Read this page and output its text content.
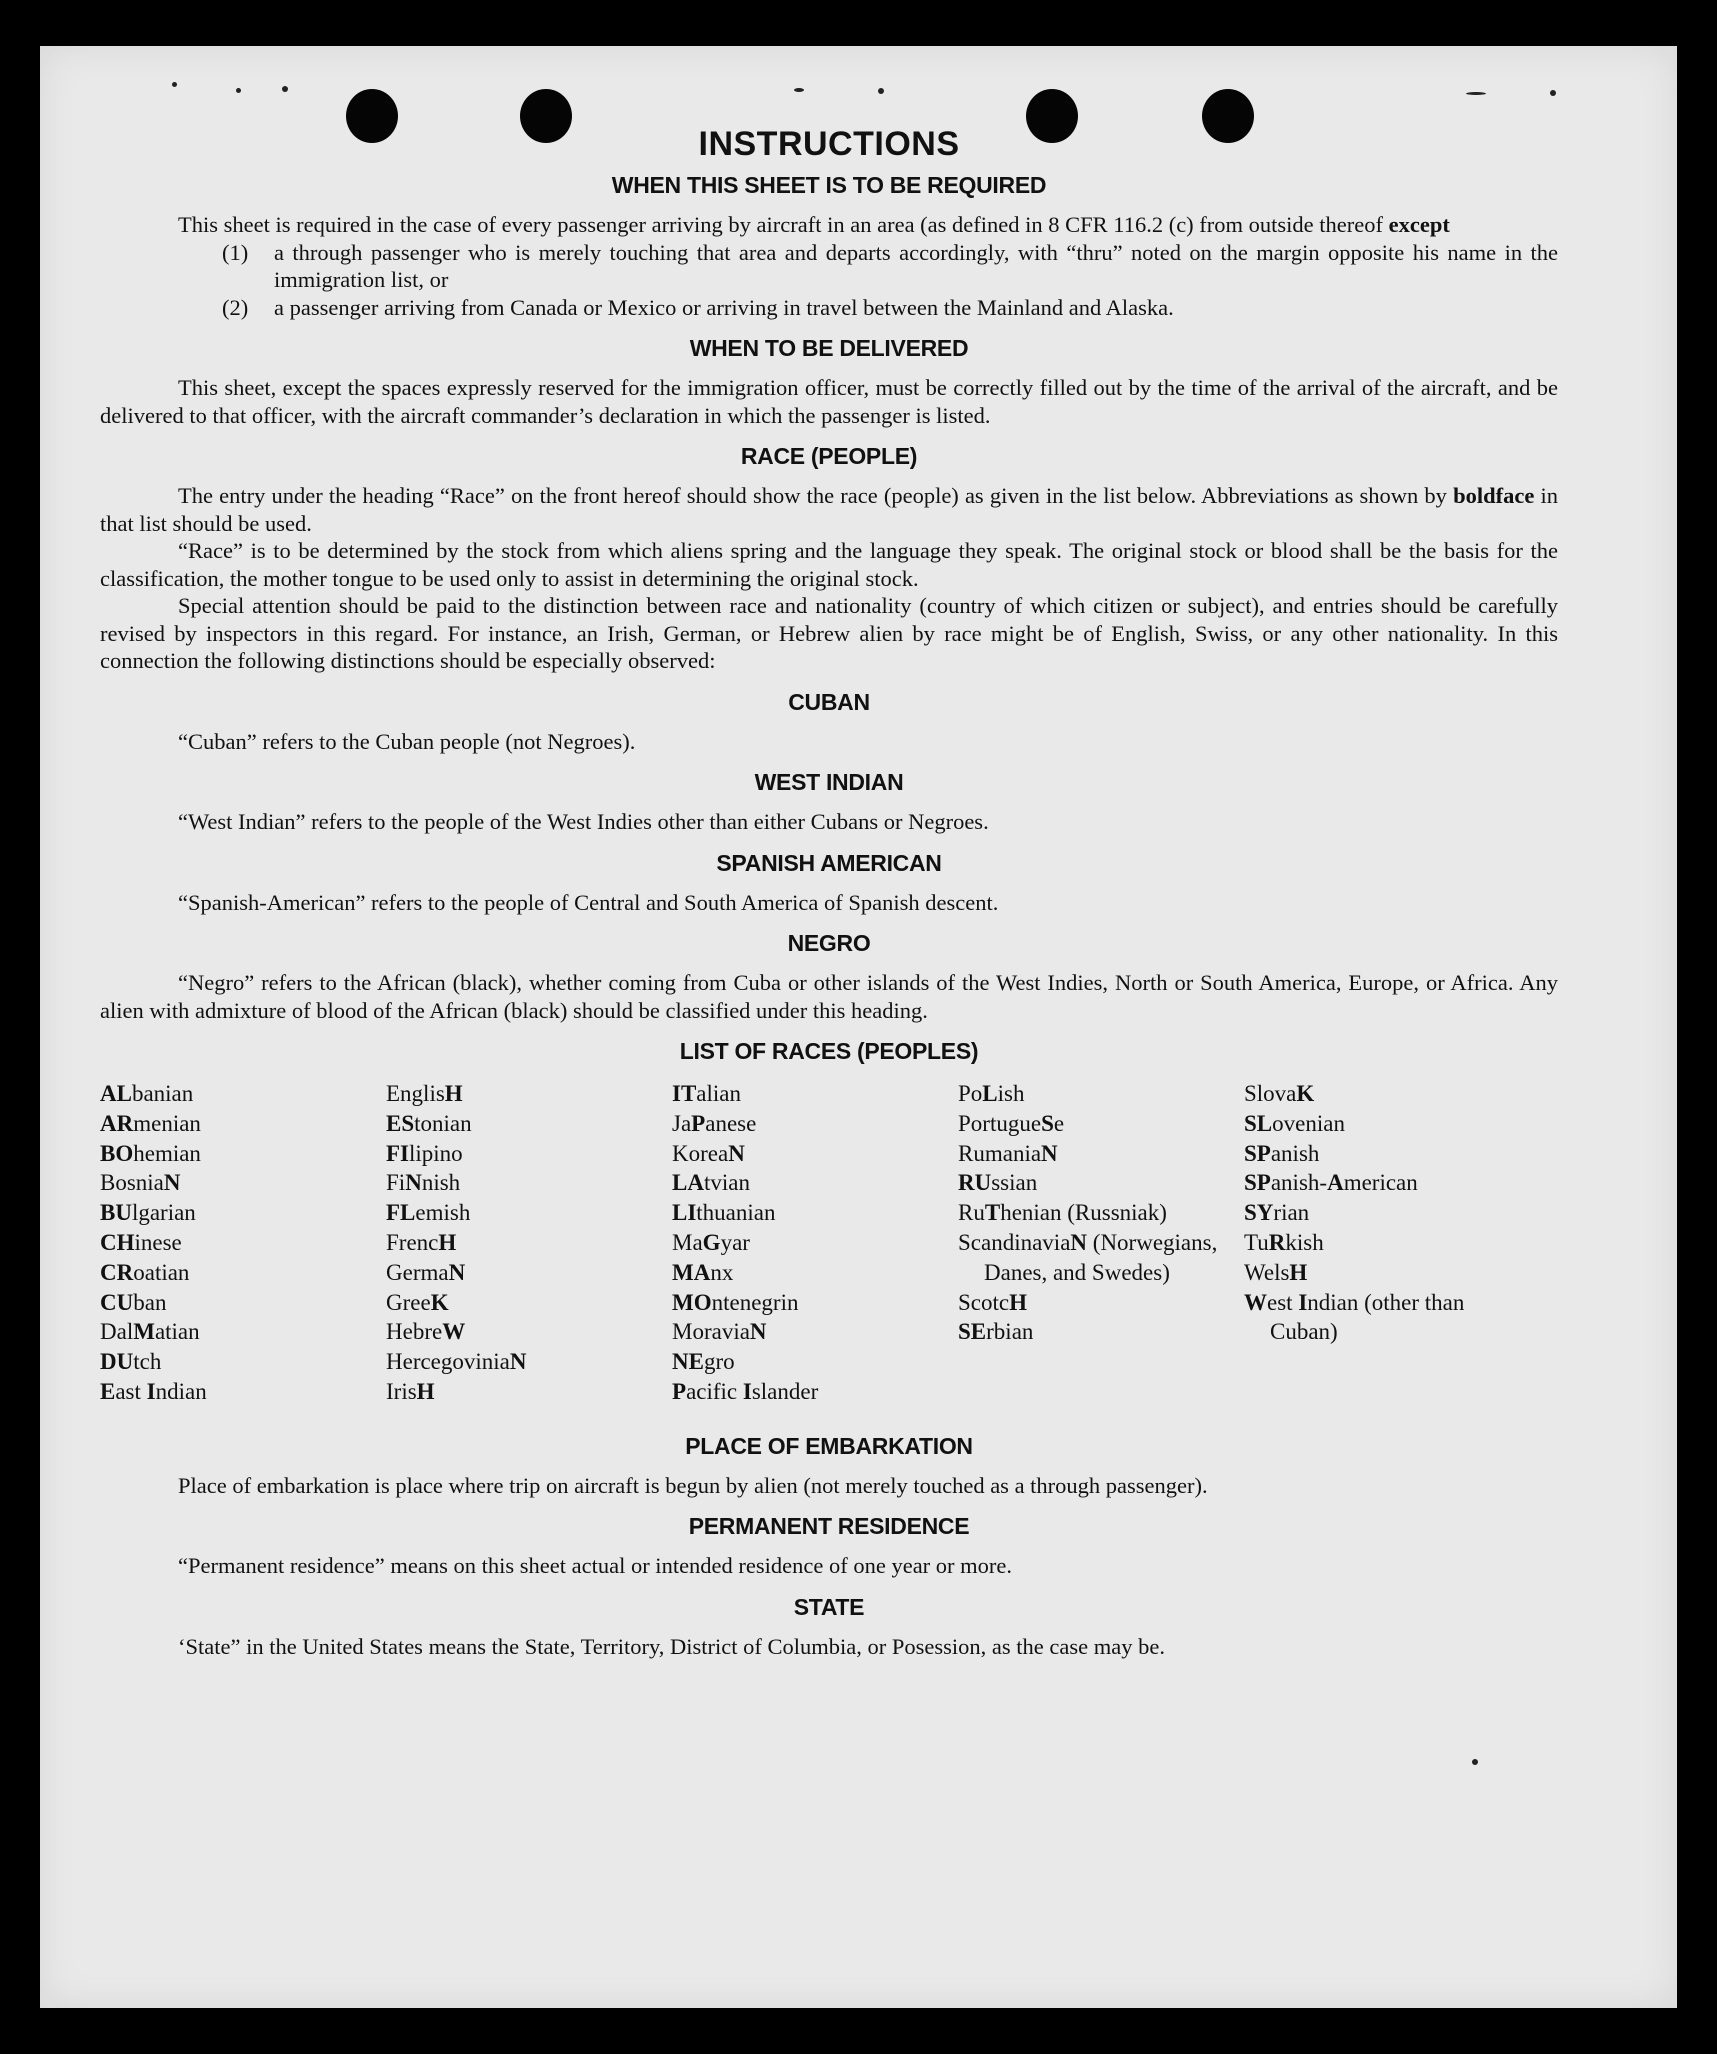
INSTRUCTIONS
WHEN THIS SHEET IS TO BE REQUIRED

This sheet is required in the case of every passenger arriving by aircraft in an area (as defined in 8 CFR 116.2 (c) from outside thereof except

(1)	a through passenger who is merely touching that area and departs accordingly, with “thru” noted on the margin opposite his name in the immigration list, or
(2)	a passenger arriving from Canada or Mexico or arriving in travel between the Mainland and Alaska.
WHEN TO BE DELIVERED

This sheet, except the spaces expressly reserved for the immigration officer, must be correctly filled out by the time of the arrival of the aircraft, and be delivered to that officer, with the aircraft commander’s declaration in which the passenger is listed.

RACE (PEOPLE)

The entry under the heading “Race” on the front hereof should show the race (people) as given in the list below. Abbreviations as shown by boldface in that list should be used.

“Race” is to be determined by the stock from which aliens spring and the language they speak. The original stock or blood shall be the basis for the classification, the mother tongue to be used only to assist in determining the original stock.

Special attention should be paid to the distinction between race and nationality (country of which citizen or subject), and entries should be carefully revised by inspectors in this regard. For instance, an Irish, German, or Hebrew alien by race might be of English, Swiss, or any other nationality. In this connection the following distinctions should be especially observed:

CUBAN

“Cuban” refers to the Cuban people (not Negroes).

WEST INDIAN

“West Indian” refers to the people of the West Indies other than either Cubans or Negroes.

SPANISH AMERICAN

“Spanish-American” refers to the people of Central and South America of Spanish descent.

NEGRO

“Negro” refers to the African (black), whether coming from Cuba or other islands of the West Indies, North or South America, Europe, or Africa. Any alien with admixture of blood of the African (black) should be classified under this heading.

LIST OF RACES (PEOPLES)
ALbanian
ARmenian
BOhemian
BosniaN
BUlgarian
CHinese
CRoatian
CUban
DalMatian
DUtch
East Indian
EnglisH
EStonian
FIlipino
FiNnish
FLemish
FrencH
GermaN
GreeK
HebreW
HercegoviniaN
IrisH
ITalian
JaPanese
KoreaN
LAtvian
LIthuanian
MaGyar
MAnx
MOntenegrin
MoraviaN
NEgro
Pacific Islander
PoLish
PortugueSe
RumaniaN
RUssian
RuThenian (Russniak)
ScandinaviaN (Norwegians, Danes, and Swedes)
ScotcH
SErbian
SlovaK
SLovenian
SPanish
SPanish-American
SYrian
TuRkish
WelsH
West Indian (other than Cuban)
PLACE OF EMBARKATION

Place of embarkation is place where trip on aircraft is begun by alien (not merely touched as a through passenger).

PERMANENT RESIDENCE

“Permanent residence” means on this sheet actual or intended residence of one year or more.

STATE

‘State” in the United States means the State, Territory, District of Columbia, or Posession, as the case may be.
